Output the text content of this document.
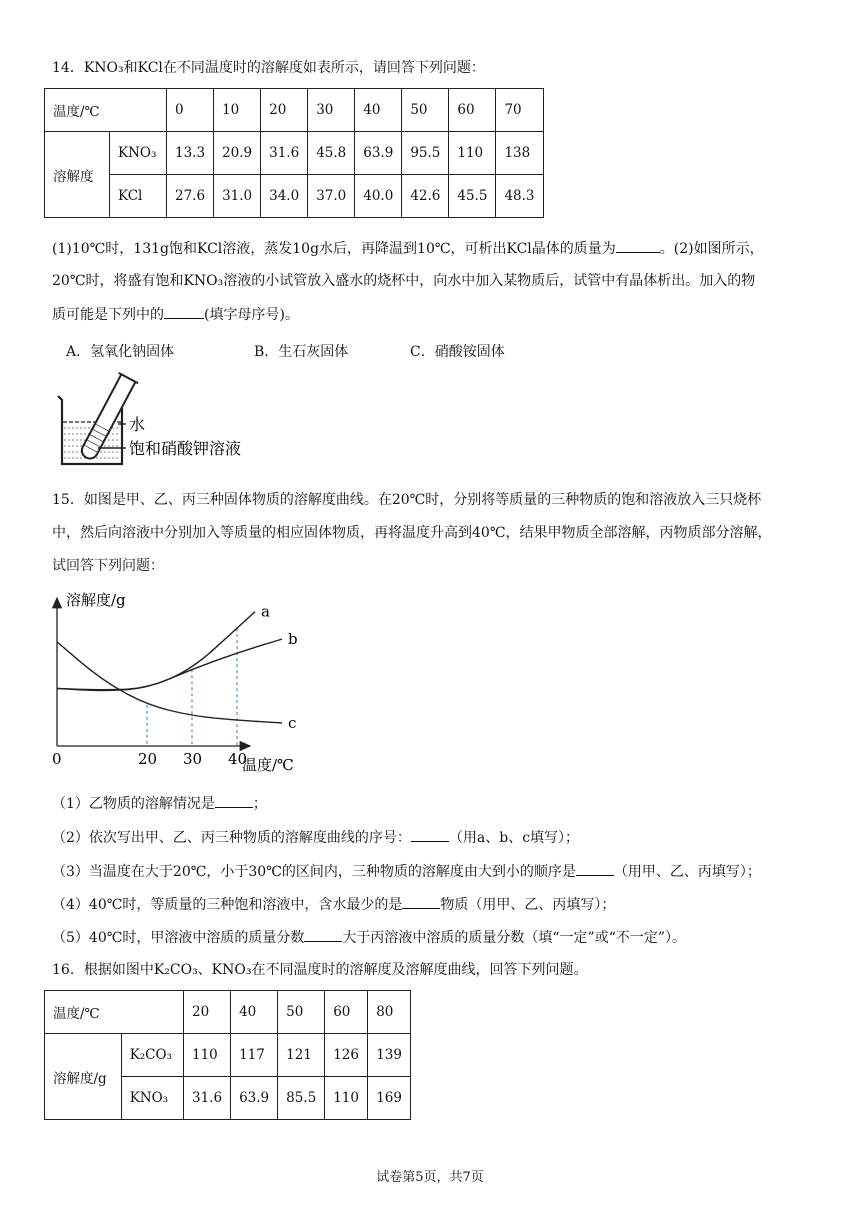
14．KNO₃和KCl在不同温度时的溶解度如表所示，请回答下列问题：
温度/℃		0	10	20	30	40	50	60	70
溶解度	KNO₃	13.3	20.9	31.6	45.8	63.9	95.5	110	138
	KCl	27.6	31.0	34.0	37.0	40.0	42.6	45.5	48.3
(1)10℃时，131g饱和KCl溶液，蒸发10g水后，再降温到10℃，可析出KCl晶体的质量为	。(2)如图所示，
20℃时，将盛有饱和KNO₃溶液的小试管放入盛水的烧杯中，向水中加入某物质后，试管中有晶体析出。加入的物
质可能是下列中的	(填字母序号)。
A．氢氧化钠固体	B．生石灰固体	C．硝酸铵固体
水
饱和硝酸钾溶液
15．如图是甲、乙、丙三种固体物质的溶解度曲线。在20℃时，分别将等质量的三种物质的饱和溶液放入三只烧杯
中，然后向溶液中分别加入等质量的相应固体物质，再将温度升高到40℃，结果甲物质全部溶解，丙物质部分溶解，
试回答下列问题：
溶解度/g
温度/℃
0	20 30 40
a
b
c
（1）乙物质的溶解情况是	；
（2）依次写出甲、乙、丙三种物质的溶解度曲线的序号：	（用a、b、c填写）；
（3）当温度在大于20℃，小于30℃的区间内，三种物质的溶解度由大到小的顺序是	（用甲、乙、丙填写）；
（4）40℃时，等质量的三种饱和溶液中，含水最少的是	物质（用甲、乙、丙填写）；
（5）40℃时，甲溶液中溶质的质量分数	大于丙溶液中溶质的质量分数（填“一定”或“不一定”）。
16．根据如图中K₂CO₃、KNO₃在不同温度时的溶解度及溶解度曲线，回答下列问题。
温度/℃		20	40	50	60	80
溶解度/g	K₂CO₃	110	117	121	126	139
	KNO₃	31.6	63.9	85.5	110	169
试卷第5页，共7页
